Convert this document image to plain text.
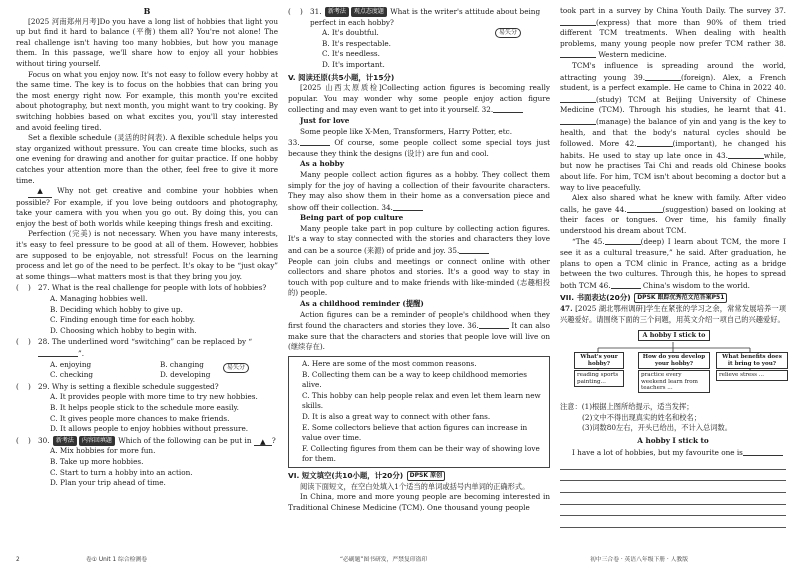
B

[2025 河南郑州月考]Do you have a long list of hobbies that light you up but find it hard to balance (平衡) them all? You're not alone! The real challenge isn't having too many hobbies, but how you manage them. In this passage, we'll share how to enjoy all your hobbies without tiring yourself.

Focus on what you enjoy now. It's not easy to follow every hobby at the same time. The key is to focus on the hobbies that can bring you the most energy right now. For example, this month you're excited about photography, but next month, you might want to try cooking. By switching hobbies based on what excites you, you'll stay interested and avoid feeling tired.

Set a flexible schedule (灵活的时间表). A flexible schedule helps you stay organized without pressure. You can create time blocks, such as one evening for drawing and another for guitar practice. If one hobby catches your attention more than the other, feel free to give it more time.

▲ Why not get creative and combine your hobbies when possible? For example, if you love being outdoors and photography, take your camera with you when you go out. By doing this, you can enjoy the best of both worlds while keeping things fresh and exciting.

Perfection (完美) is not necessary. When you have many interests, it's easy to feel pressure to be good at all of them. However, hobbies are supposed to be enjoyable, not stressful! Focus on the learning process and let go of the need to be perfect. It's okay to be “just okay” at some things—what matters most is that they bring you joy.

(    ) 27. What is the real challenge for people with lots of hobbies?
A. Managing hobbies well.
B. Deciding which hobby to give up.
C. Finding enough time for each hobby.
D. Choosing which hobby to begin with.
(    ) 28. The underlined word “switching” can be replaced by “”.
A. enjoying	B. changing
C. checking	D. developing
易失分
(    ) 29. Why is setting a flexible schedule suggested?
A. It provides people with more time to try new hobbies.
B. It helps people stick to the schedule more easily.
C. It gives people more chances to make friends.
D. It allows people to enjoy hobbies without pressure.
(    ) 30. 新考法 内容回填题 Which of the following can be put in ▲ ?
A. Mix hobbies for more fun.
B. Take up more hobbies.
C. Start to turn a hobby into an action.
D. Plan your trip ahead of time.
(    ) 31. 新考法 观点态度题 What is the writer's attitude about being perfect in each hobby?
易失分
A. It's doubtful.
B. It's respectable.
C. It's needless.
D. It's important.
V. 阅读还原(共5小题，计15分)

[2025 山西太原质检]Collecting action figures is becoming really popular. You may wonder why some people enjoy action figure collecting and may even want to get into it yourself. 32.

Just for love

Some people like X-Men, Transformers, Harry Potter, etc.

33.	Of course, some people collect some special toys just because they think the designs (设计) are fun and cool.

As a hobby

Many people collect action figures as a hobby. They collect them simply for the joy of having a collection of their favourite characters. They may also show them in their home as a conversation piece and show off their collection. 34.

Being part of pop culture

Many people take part in pop culture by collecting action figures. It's a way to stay connected with the stories and characters they love and can be a source (来源) of pride and joy. 35.

People can join clubs and meetings or connect online with other collectors and share photos and stories. It's a good way to stay in touch with pop culture and to make friends with like-minded (志趣相投的) people.

As a childhood reminder (提醒)

Action figures can be a reminder of people's childhood when they first found the characters and stories they love. 36.	It can also make sure that the characters and stories that people love will live on (继续存在).

A. Here are some of the most common reasons.
B. Collecting them can be a way to keep childhood memories alive.
C. This hobby can help people relax and even let them learn new skills.
D. It is also a great way to connect with other fans.
E. Some collectors believe that action figures can increase in value over time.
F. Collecting figures from them can be their way of showing love for them.
VI. 短文填空(共10小题，计20分) DPSK 原创

阅读下面短文，在空白处填入1个适当的单词或括号内单词的正确形式。

In China, more and more young people are becoming interested in Traditional Chinese Medicine (TCM). One thousand young people

took part in a survey by China Youth Daily. The survey 37.(express) that more than 90% of them tried different TCM treatments. When dealing with health problems, many young people now prefer TCM rather 38. Western medicine.

TCM's influence is spreading around the world, attracting young 39.	(foreign). Alex, a French student, is a perfect example. He came to China in 2022 40.(study) TCM at Beijing University of Chinese Medicine (TCM). Through his studies, he learnt that 41.(manage) the balance of yin and yang is the key to health, and that the body's natural cycles should be followed. More 42.	(important), he changed his habits. He used to stay up late once in 43.	while, but now he practises Tai Chi and reads old Chinese books about life. For him, TCM isn't about becoming a doctor but a way to live peacefully.

Alex also shared what he knew with family. After video calls, he gave 44.	(suggestion) based on looking at their faces or tongues. Over time, his family finally understood his dream about TCM.

“The 45.	(deep) I learn about TCM, the more I see it as a cultural treasure,” he said. After graduation, he plans to open a TCM clinic in France, acting as a bridge between the two cultures. Through this, he hopes to spread both TCM 46.	China's wisdom to the world.

VII. 书面表达(20分) DPSK 跟踪优秀范文范答案P51

47. [2025 湖北鄂州调研]学生在紧张的学习之余，常常发展培养一项兴趣爱好。请围绕下面的三个问题，用英文介绍一项自己的兴趣爱好。

A hobby I stick to
What's your hobby?
How do you develop your hobby?
What benefits does it bring to you?
reading sports painting...
practice every weekend learn from teachers ...
relieve stress ...
注意： (1)根据上图所给提示，适当发挥；
(2)文中不得出现真实的姓名和校名；
(3)词数80左右，开头已给出，不计入总词数。
A hobby I stick to

I have a lot of hobbies, but my favourite one is

2	卷① Unit 1 综合检测卷	“必刷题”图书研发，严禁复印盗印	初中三合卷 · 英语八年级下册 · 人教版
